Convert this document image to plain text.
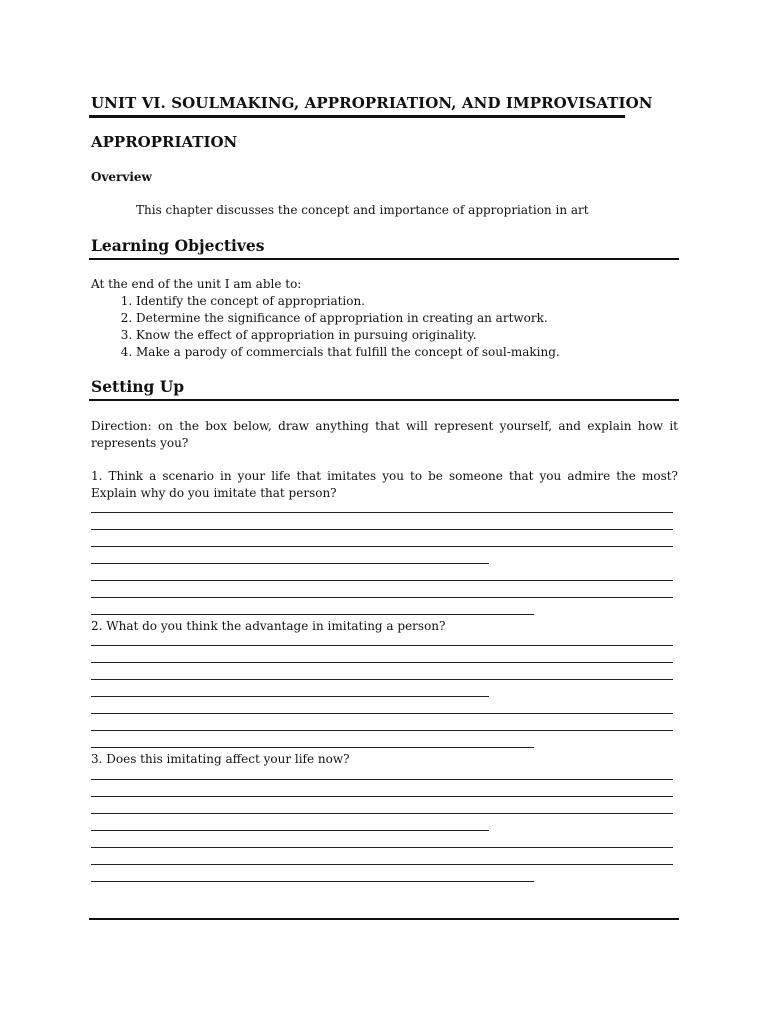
UNIT VI. SOULMAKING, APPROPRIATION, AND IMPROVISATION
APPROPRIATION
Overview
This chapter discusses the concept and importance of appropriation in art
Learning Objectives
At the end of the unit I am able to:
1. Identify the concept of appropriation.
2. Determine the significance of appropriation in creating an artwork.
3. Know the effect of appropriation in pursuing originality.
4. Make a parody of commercials that fulfill the concept of soul-making.
Setting Up
Direction: on the box below, draw anything that will represent yourself, and explain how it represents you?
1. Think a scenario in your life that imitates you to be someone that you admire the most? Explain why do you imitate that person?
2. What do you think the advantage in imitating a person?
3. Does this imitating affect your life now?
